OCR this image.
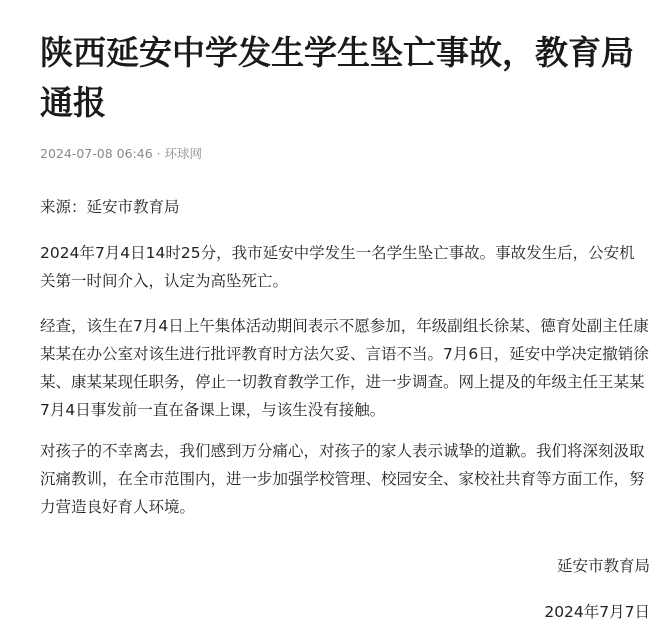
陕西延安中学发生学生坠亡事故，教育局通报
2024-07-08 06:46 · 环球网

来源：延安市教育局

2024年7月4日14时25分，我市延安中学发生一名学生坠亡事故。事故发生后，公安机关第一时间介入，认定为高坠死亡。

经查，该生在7月4日上午集体活动期间表示不愿参加，年级副组长徐某、德育处副主任康某某在办公室对该生进行批评教育时方法欠妥、言语不当。7月6日，延安中学决定撤销徐某、康某某现任职务，停止一切教育教学工作，进一步调查。网上提及的年级主任王某某7月4日事发前一直在备课上课，与该生没有接触。

对孩子的不幸离去，我们感到万分痛心，对孩子的家人表示诚挚的道歉。我们将深刻汲取沉痛教训，在全市范围内，进一步加强学校管理、校园安全、家校社共育等方面工作，努力营造良好育人环境。

延安市教育局

2024年7月7日
